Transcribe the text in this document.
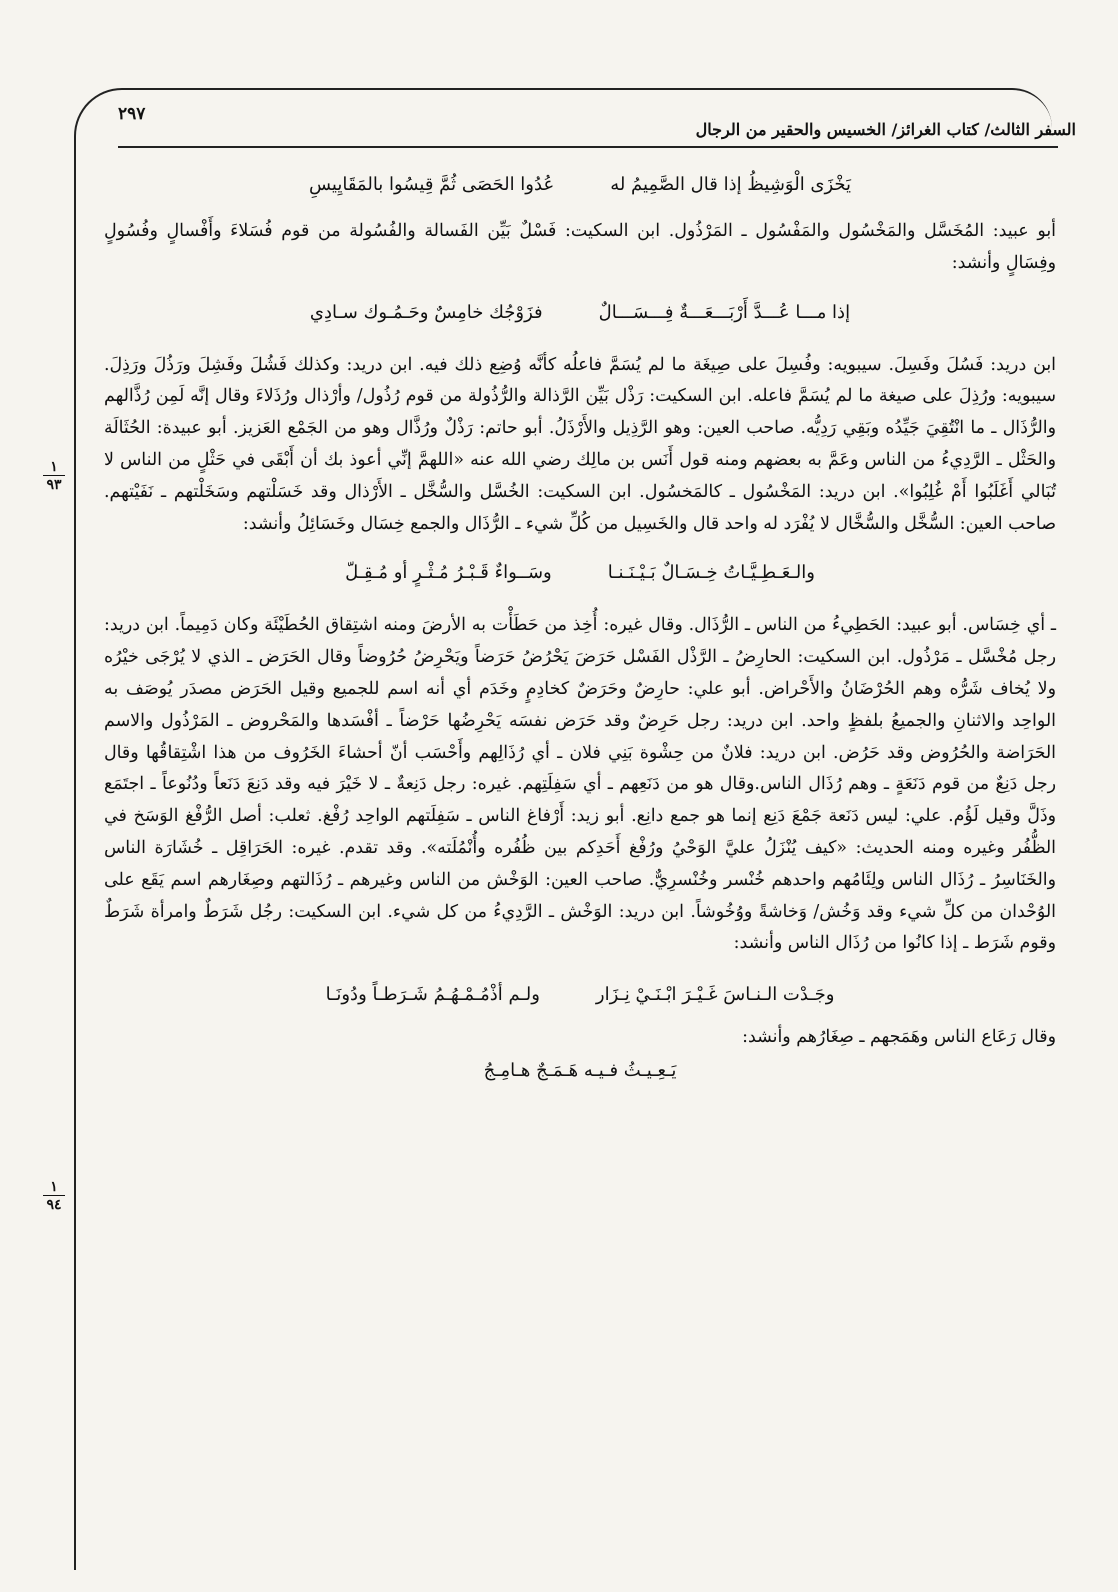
٢٩٧
السفر الثالث/ كتاب الغرائز/ الخسيس والحقير من الرجال
١
٩٣
١
٩٤
يَخْزَى الْوَشِيظُ إذا قال الصَّمِيمُ له
عُدُوا الحَصَى ثُمَّ قِيسُوا بالمَقَايِيسِ

أبو عبيد: المُخَسَّل والمَخْسُول والمَفْسُول ـ المَرْذُول. ابن السكيت: فَسْلٌ بَيِّن الفَسالة والفُسُولة من قوم فُسَلاءَ وأَفْسالٍ وفُسُولٍ وفِسَالٍ وأنشد:

إذا مـــا عُـــدَّ أَرْبَـــعَـــةٌ فِـــسَـــالٌ
فزَوْجُك خامِسٌ وحَـمُـوك سـادِي

ابن دريد: فَسُلَ وفَسِلَ. سيبويه: وفُسِلَ على صِيغَة ما لم يُسَمَّ فاعلُه كأنَّه وُضِع ذلك فيه. ابن دريد: وكذلك فَشُلَ وفَشِلَ ورَذُلَ ورَذِلَ. سيبويه: ورُذِلَ على صيغة ما لم يُسَمَّ فاعله. ابن السكيت: رَذْل بَيِّن الرَّذالة والرُّذُولة من قوم رُذُول/ وأرْذال ورُذَلاءَ وقال إنَّه لَمِن رُذَّالهم والرُّذَال ـ ما انْتُقِيَ جَيِّدُه وبَقِي رَدِيُّه. صاحب العين: وهو الرَّذِيل والأَرْذَلُ. أبو حاتم: رَذْلٌ ورُذَّال وهو من الجَمْع العَزيز. أبو عبيدة: الحُثَالَة والحَثْل ـ الرَّدِيءُ من الناس وعَمَّ به بعضهم ومنه قول أَنَس بن مالِك رضي الله عنه «اللهمَّ إنِّي أعوذ بك أن أَبْقَى في حَثْلٍ من الناس لا تُبَالي أَغَلَبُوا أَمْ غُلِبُوا». ابن دريد: المَخْسُول ـ كالمَخسُول. ابن السكيت: الخُسَّل والسُّخَّل ـ الأَرْذال وقد خَسَلْتهم وسَخَلْتهم ـ نَفَيْتهم. صاحب العين: السُّخَّل والسُّخَّال لا يُفْرَد له واحد قال والخَسِيل من كُلِّ شيء ـ الرُّذَال والجمع خِسَال وخَسَائِلُ وأنشد:

والـعَـطِـيَّـاتُ خِـسَـالٌ بَـيْـنَـنـا
وسَــواءٌ قَـبْـرُ مُـثْـرٍ أو مُـقِـلّ

ـ أي خِسَاس. أبو عبيد: الحَطِيءُ من الناس ـ الرُّذَال. وقال غيره: أُخِذ من حَطَأْت به الأرضَ ومنه اشتِقاق الحُطَيْئَة وكان دَمِيماً. ابن دريد: رجل مُخْسَّل ـ مَرْذُول. ابن السكيت: الحارِضُ ـ الرَّذْل الفَسْل حَرَضَ يَحْرُضُ حَرَضاً ويَحْرِضُ حُرُوضاً وقال الحَرَض ـ الذي لا يُرْجَى خيْرُه ولا يُخاف شَرُّه وهم الحُرْضَانُ والأَحْراض. أبو علي: حارِضٌ وحَرَضٌ كخادِمٍ وخَدَم أي أنه اسم للجميع وقيل الحَرَض مصدَر يُوصَف به الواحِد والاثنانِ والجميعُ بلفظٍ واحد. ابن دريد: رجل حَرِضٌ وقد حَرَض نفسَه يَحْرِضُها حَرْضاً ـ أفْسَدها والمَحْروض ـ المَرْذُول والاسم الحَرَاضة والحُرُوض وقد حَرُض. ابن دريد: فلانٌ من حِشْوة بَنِي فلان ـ أي رُذَالِهم وأَحْسَب أنّ أحشاءَ الخَرُوف من هذا اشْتِقاقُها وقال رجل دَنِعٌ من قوم دَنَعَةٍ ـ وهم رُذَال الناس.وقال هو من دَنَعِهم ـ أي سَفِلَتِهم. غيره: رجل دَنِعةٌ ـ لا خَيْرَ فيه وقد دَنِعَ دَنَعاً ودُنُوعاً ـ اجتَمَع وذَلَّ وقيل لَؤُم. علي: ليس دَنَعة جَمْعَ دَنِع إنما هو جمع دانِع. أبو زيد: أَرْفاغ الناس ـ سَفِلَتهم الواحِد رُفْغ. ثعلب: أصل الرُّفْغ الوَسَخ في الظُّفُر وغيره ومنه الحديث: «كيف يُنْزَلُ عليَّ الوَحْيُ ورُفْغ أَحَدِكم بين ظُفُره وأُنْمُلَته». وقد تقدم. غيره: الحَرَاقِل ـ خُشَارَة الناس والخَنَاسِرُ ـ رُذَال الناس ولِئَامُهم واحدهم خُنْسر وخُنْسرِيٌّ. صاحب العين: الوَخْش من الناس وغيرهم ـ رُذَالتهم وصِغَارهم اسم يَقَع على الوُحْدان من كلِّ شيء وقد وَخُش/ وَخاشةً ووُخُوشاً. ابن دريد: الوَخْش ـ الرَّدِيءُ من كل شيء. ابن السكيت: رجُل شَرَطٌ وامرأة شَرَطٌ وقوم شَرَط ـ إذا كانُوا من رُذَال الناس وأنشد:

وجَـدْت الـنـاسَ غَـيْـرَ ابْـنَـيْ نِـزَار
ولـم أذْمُـمْـهُـمُ شَـرَطـاً ودُونَـا

وقال رَعَاع الناس وهَمَجهم ـ صِغَارُهم وأنشد:

يَـعِـيـثُ فـيـه هَـمَـجٌ هـامِـجُ
